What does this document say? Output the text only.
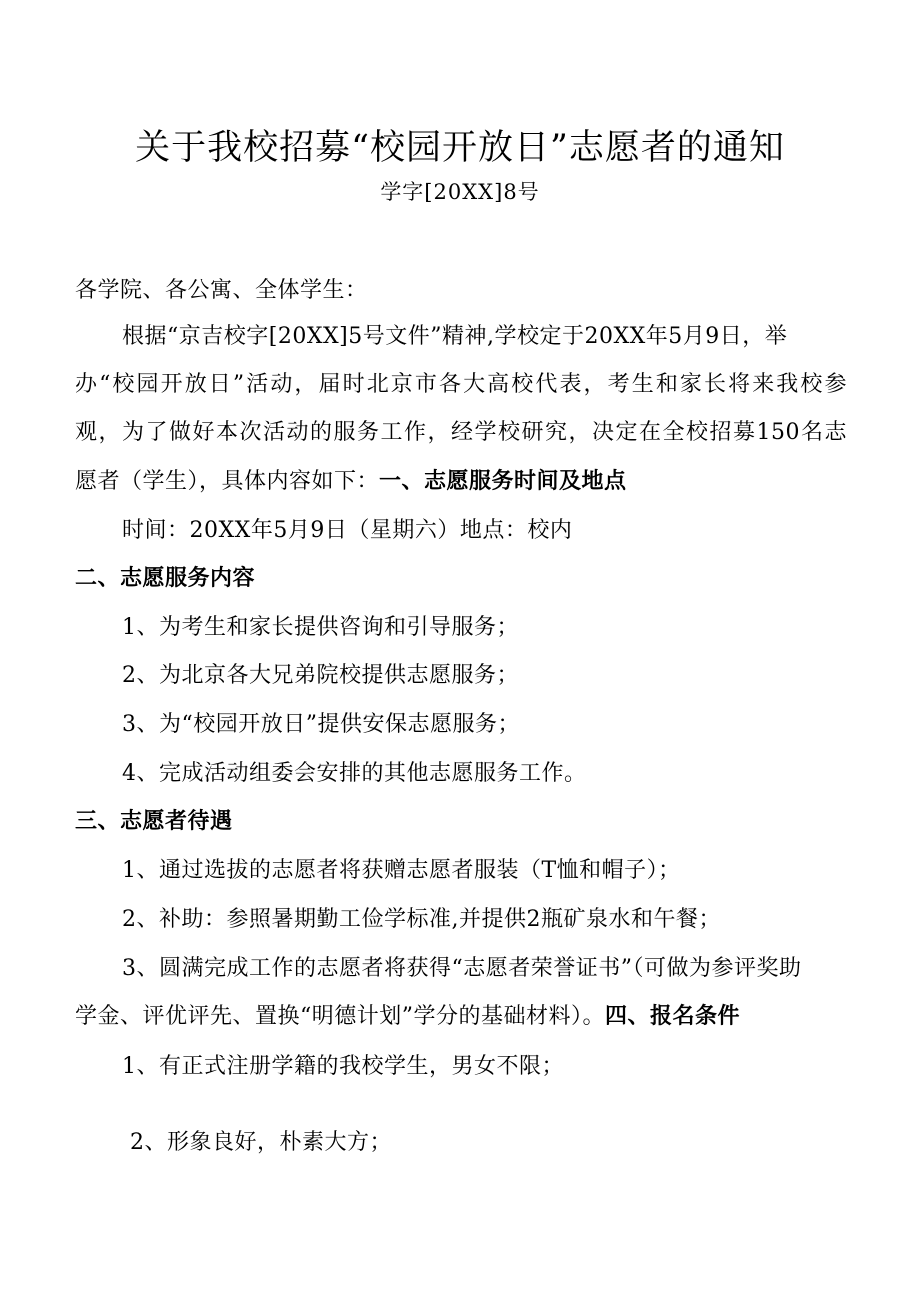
关于我校招募“校园开放日”志愿者的通知
学字[20XX]8号
各学院、各公寓、全体学生：
根据“京吉校字[20XX]5号文件”精神,学校定于20XX年5月9日，举
办“校园开放日”活动，届时北京市各大高校代表，考生和家长将来我校参
观，为了做好本次活动的服务工作，经学校研究，决定在全校招募150名志
愿者（学生），具体内容如下：一、志愿服务时间及地点
时间：20XX年5月9日（星期六）地点：校内
二、志愿服务内容
1、为考生和家长提供咨询和引导服务；
2、为北京各大兄弟院校提供志愿服务；
3、为“校园开放日”提供安保志愿服务；
4、完成活动组委会安排的其他志愿服务工作。
三、志愿者待遇
1、通过选拔的志愿者将获赠志愿者服装（T恤和帽子）；
2、补助：参照暑期勤工俭学标准,并提供2瓶矿泉水和午餐；
3、圆满完成工作的志愿者将获得“志愿者荣誉证书”（可做为参评奖助
学金、评优评先、置换“明德计划”学分的基础材料）。四、报名条件
1、有正式注册学籍的我校学生，男女不限；
2、形象良好，朴素大方；
